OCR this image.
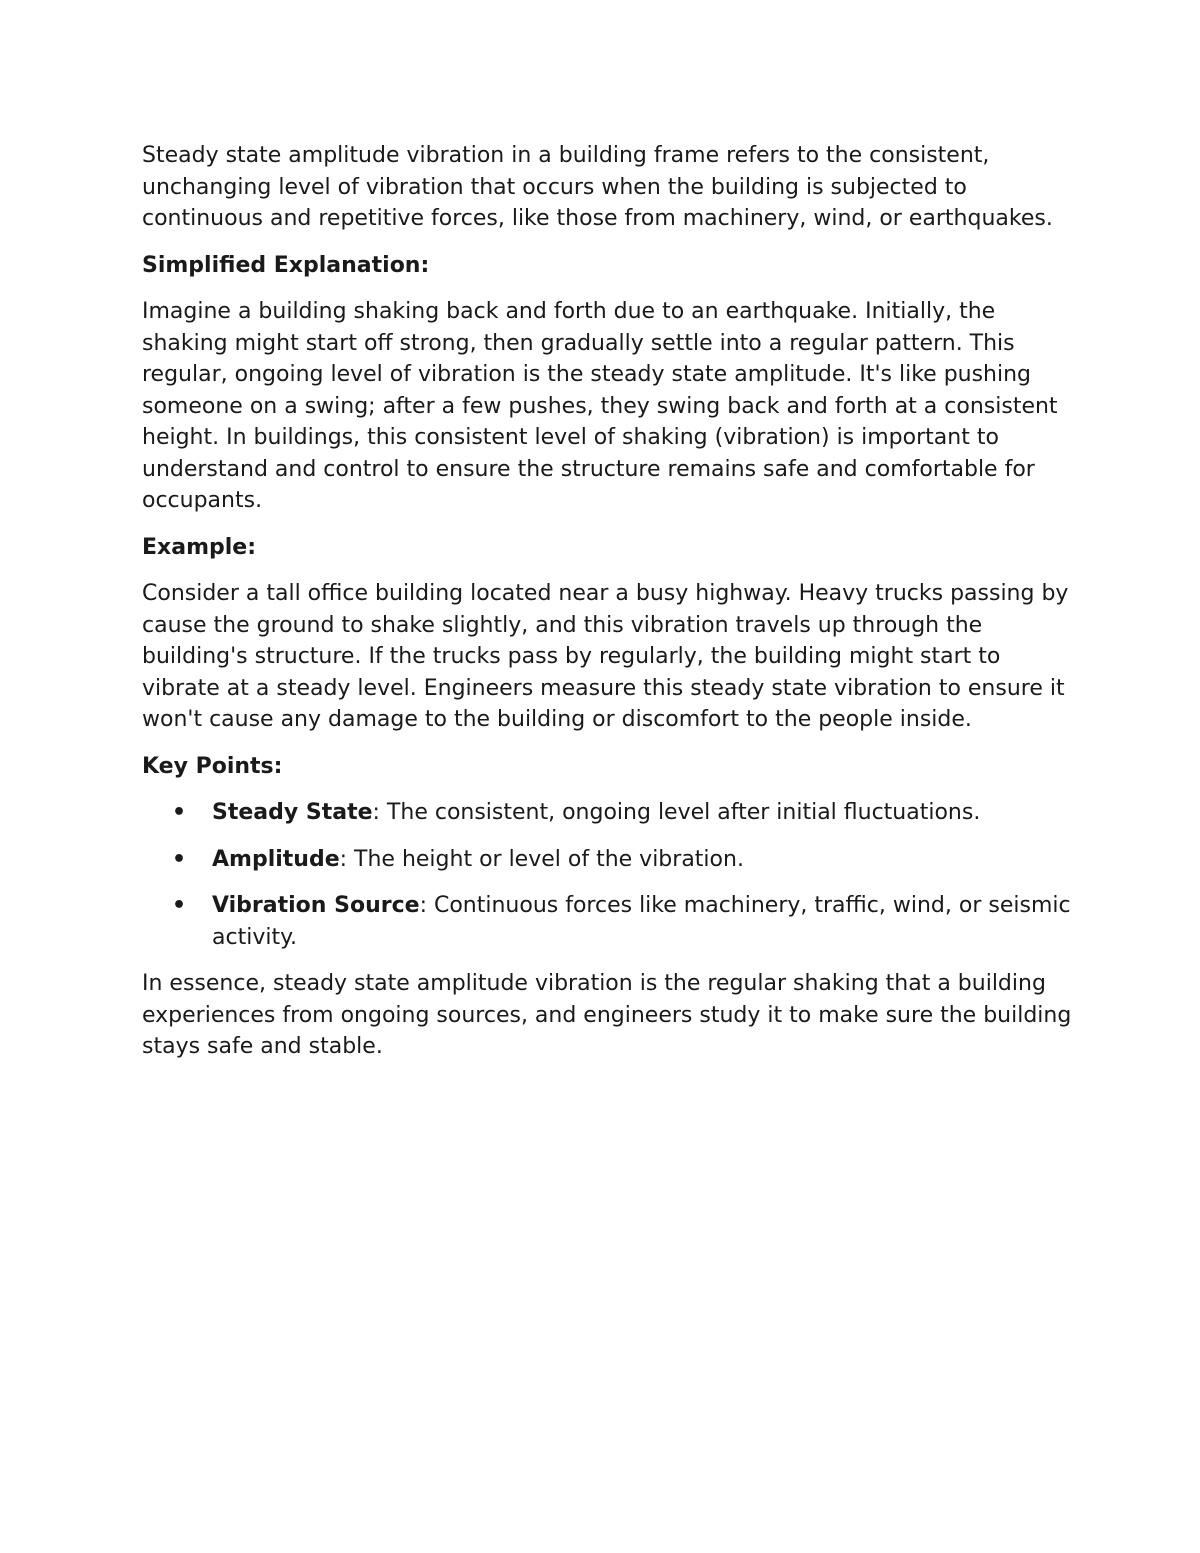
Steady state amplitude vibration in a building frame refers to the consistent, unchanging level of vibration that occurs when the building is subjected to continuous and repetitive forces, like those from machinery, wind, or earthquakes.

Simplified Explanation:

Imagine a building shaking back and forth due to an earthquake. Initially, the shaking might start off strong, then gradually settle into a regular pattern. This regular, ongoing level of vibration is the steady state amplitude. It's like pushing someone on a swing; after a few pushes, they swing back and forth at a consistent height. In buildings, this consistent level of shaking (vibration) is important to understand and control to ensure the structure remains safe and comfortable for occupants.

Example:

Consider a tall office building located near a busy highway. Heavy trucks passing by cause the ground to shake slightly, and this vibration travels up through the building's structure. If the trucks pass by regularly, the building might start to vibrate at a steady level. Engineers measure this steady state vibration to ensure it won't cause any damage to the building or discomfort to the people inside.

Key Points:
• Steady State: The consistent, ongoing level after initial fluctuations.
• Amplitude: The height or level of the vibration.
• Vibration Source: Continuous forces like machinery, traffic, wind, or seismic activity.

In essence, steady state amplitude vibration is the regular shaking that a building experiences from ongoing sources, and engineers study it to make sure the building stays safe and stable.
